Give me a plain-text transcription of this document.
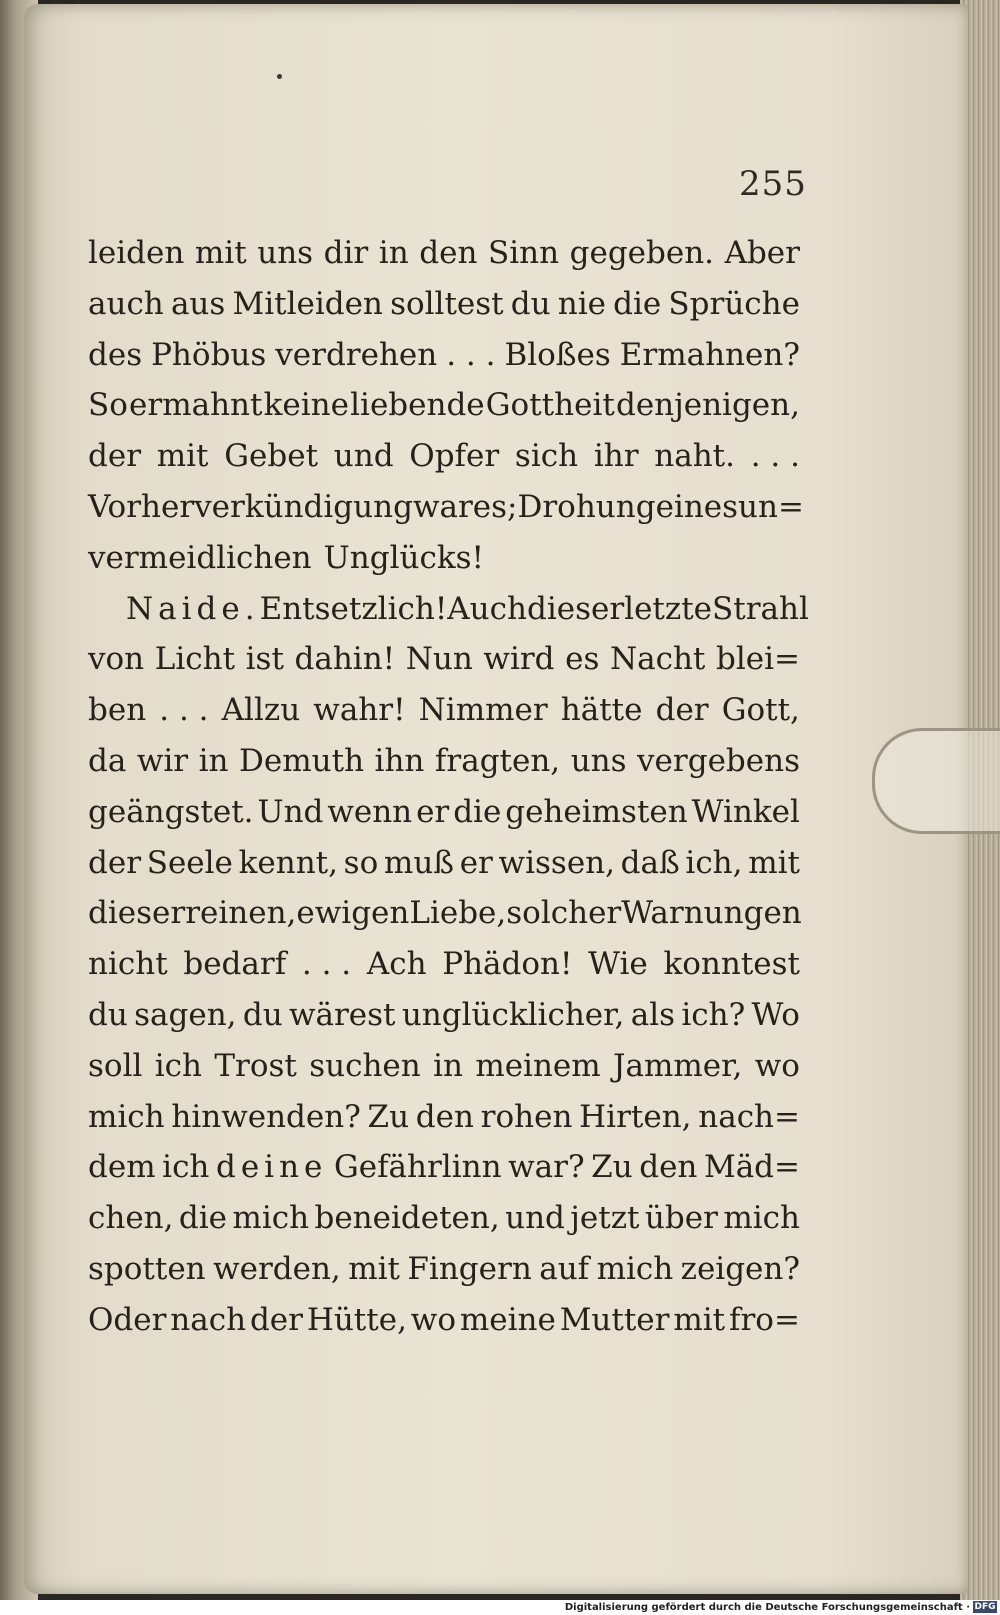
255
leiden mit uns dir in den Sinn gegeben. Aber
auch aus Mitleiden solltest du nie die Sprüche
des Phöbus verdrehen . . . Bloßes Ermahnen?
So ermahnt keine liebende Gottheit denjenigen,
der mit Gebet und Opfer sich ihr naht. . . .
Vorherverkündigung war es; Drohung eines un=
vermeidlichen Unglücks!
Naide. Entsetzlich! Auch dieser letzte Strahl
von Licht ist dahin! Nun wird es Nacht blei=
ben . . . Allzu wahr! Nimmer hätte der Gott,
da wir in Demuth ihn fragten, uns vergebens
geängstet. Und wenn er die geheimsten Winkel
der Seele kennt, so muß er wissen, daß ich, mit
dieser reinen, ewigen Liebe, solcher Warnungen
nicht bedarf . . . Ach Phädon! Wie konntest
du sagen, du wärest unglücklicher, als ich? Wo
soll ich Trost suchen in meinem Jammer, wo
mich hinwenden? Zu den rohen Hirten, nach=
dem ich deine Gefährlinn war? Zu den Mäd=
chen, die mich beneideten, und jetzt über mich
spotten werden, mit Fingern auf mich zeigen?
Oder nach der Hütte, wo meine Mutter mit fro=
Digitalisierung gefördert durch die Deutsche Forschungsgemeinschaft · DFG
